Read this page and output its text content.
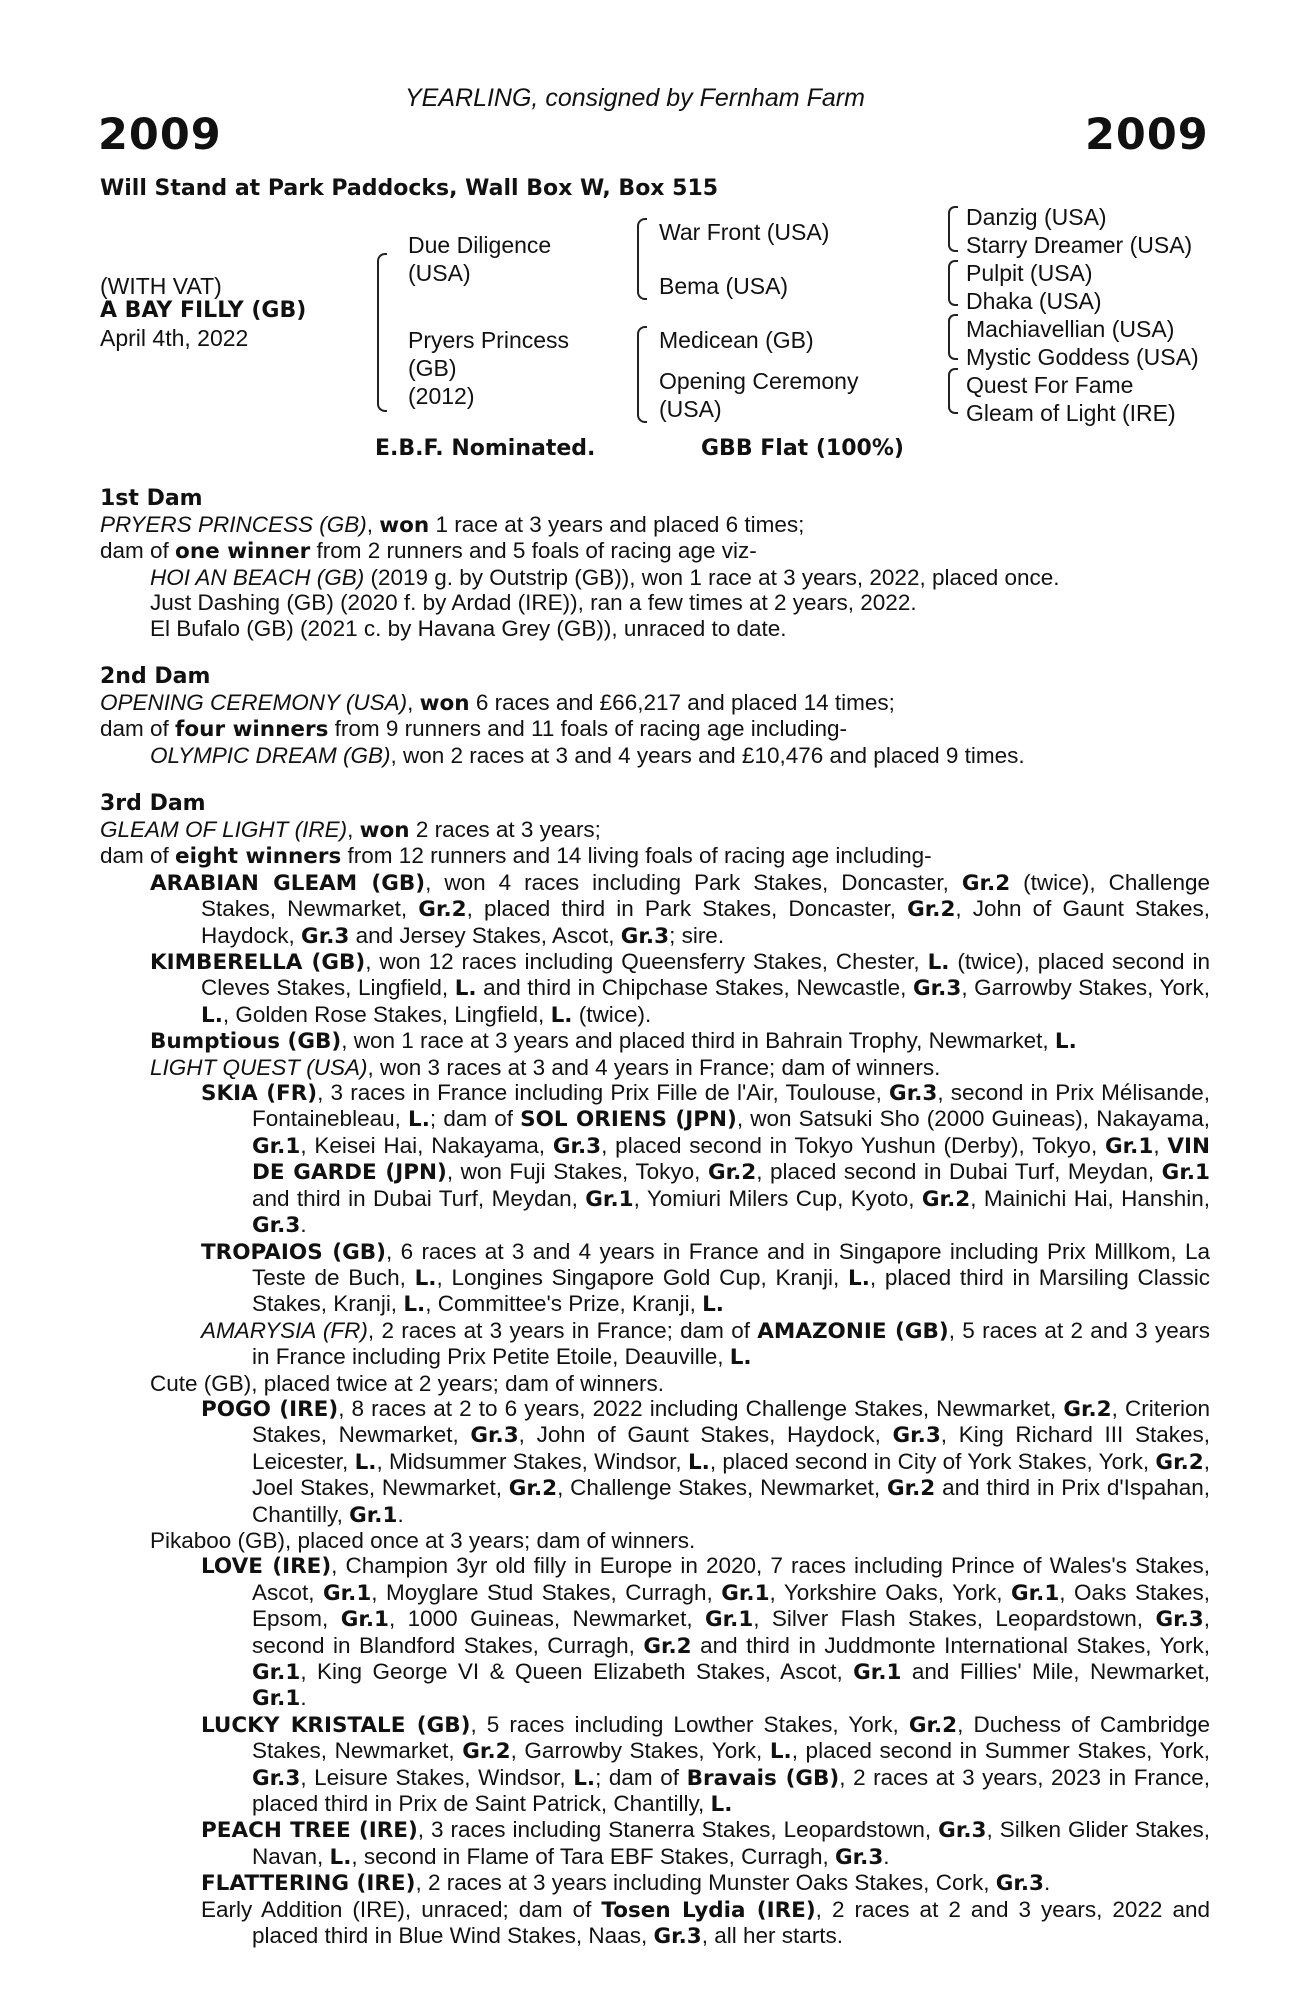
YEARLING, consigned by Fernham Farm
2009	2009
Will Stand at Park Paddocks, Wall Box W, Box 515
(WITH VAT)
A BAY FILLY (GB)
April 4th, 2022
Due Diligence
(USA)
Pryers Princess
(GB)
(2012)
War Front (USA)
Bema (USA)
Medicean (GB)
Opening Ceremony
(USA)
Danzig (USA)
Starry Dreamer (USA)
Pulpit (USA)
Dhaka (USA)
Machiavellian (USA)
Mystic Goddess (USA)
Quest For Fame
Gleam of Light (IRE)
E.B.F. Nominated.	GBB Flat (100%)
1st Dam

PRYERS PRINCESS (GB), won 1 race at 3 years and placed 6 times;

dam of one winner from 2 runners and 5 foals of racing age viz-

HOI AN BEACH (GB) (2019 g. by Outstrip (GB)), won 1 race at 3 years, 2022, placed once.

Just Dashing (GB) (2020 f. by Ardad (IRE)), ran a few times at 2 years, 2022.

El Bufalo (GB) (2021 c. by Havana Grey (GB)), unraced to date.

2nd Dam

OPENING CEREMONY (USA), won 6 races and £66,217 and placed 14 times;

dam of four winners from 9 runners and 11 foals of racing age including-

OLYMPIC DREAM (GB), won 2 races at 3 and 4 years and £10,476 and placed 9 times.

3rd Dam

GLEAM OF LIGHT (IRE), won 2 races at 3 years;

dam of eight winners from 12 runners and 14 living foals of racing age including-

ARABIAN GLEAM (GB), won 4 races including Park Stakes, Doncaster, Gr.2 (twice), Challenge Stakes, Newmarket, Gr.2, placed third in Park Stakes, Doncaster, Gr.2, John of Gaunt Stakes, Haydock, Gr.3 and Jersey Stakes, Ascot, Gr.3; sire.

KIMBERELLA (GB), won 12 races including Queensferry Stakes, Chester, L. (twice), placed second in Cleves Stakes, Lingfield, L. and third in Chipchase Stakes, Newcastle, Gr.3, Garrowby Stakes, York, L., Golden Rose Stakes, Lingfield, L. (twice).

Bumptious (GB), won 1 race at 3 years and placed third in Bahrain Trophy, Newmarket, L.

LIGHT QUEST (USA), won 3 races at 3 and 4 years in France; dam of winners.

SKIA (FR), 3 races in France including Prix Fille de l'Air, Toulouse, Gr.3, second in Prix Mélisande, Fontainebleau, L.; dam of SOL ORIENS (JPN), won Satsuki Sho (2000 Guineas), Nakayama, Gr.1, Keisei Hai, Nakayama, Gr.3, placed second in Tokyo Yushun (Derby), Tokyo, Gr.1, VIN DE GARDE (JPN), won Fuji Stakes, Tokyo, Gr.2, placed second in Dubai Turf, Meydan, Gr.1 and third in Dubai Turf, Meydan, Gr.1, Yomiuri Milers Cup, Kyoto, Gr.2, Mainichi Hai, Hanshin, Gr.3.

TROPAIOS (GB), 6 races at 3 and 4 years in France and in Singapore including Prix Millkom, La Teste de Buch, L., Longines Singapore Gold Cup, Kranji, L., placed third in Marsiling Classic Stakes, Kranji, L., Committee's Prize, Kranji, L.

AMARYSIA (FR), 2 races at 3 years in France; dam of AMAZONIE (GB), 5 races at 2 and 3 years in France including Prix Petite Etoile, Deauville, L.

Cute (GB), placed twice at 2 years; dam of winners.

POGO (IRE), 8 races at 2 to 6 years, 2022 including Challenge Stakes, Newmarket, Gr.2, Criterion Stakes, Newmarket, Gr.3, John of Gaunt Stakes, Haydock, Gr.3, King Richard III Stakes, Leicester, L., Midsummer Stakes, Windsor, L., placed second in City of York Stakes, York, Gr.2, Joel Stakes, Newmarket, Gr.2, Challenge Stakes, Newmarket, Gr.2 and third in Prix d'Ispahan, Chantilly, Gr.1.

Pikaboo (GB), placed once at 3 years; dam of winners.

LOVE (IRE), Champion 3yr old filly in Europe in 2020, 7 races including Prince of Wales's Stakes, Ascot, Gr.1, Moyglare Stud Stakes, Curragh, Gr.1, Yorkshire Oaks, York, Gr.1, Oaks Stakes, Epsom, Gr.1, 1000 Guineas, Newmarket, Gr.1, Silver Flash Stakes, Leopardstown, Gr.3, second in Blandford Stakes, Curragh, Gr.2 and third in Juddmonte International Stakes, York, Gr.1, King George VI & Queen Elizabeth Stakes, Ascot, Gr.1 and Fillies' Mile, Newmarket, Gr.1.

LUCKY KRISTALE (GB), 5 races including Lowther Stakes, York, Gr.2, Duchess of Cambridge Stakes, Newmarket, Gr.2, Garrowby Stakes, York, L., placed second in Summer Stakes, York, Gr.3, Leisure Stakes, Windsor, L.; dam of Bravais (GB), 2 races at 3 years, 2023 in France, placed third in Prix de Saint Patrick, Chantilly, L.

PEACH TREE (IRE), 3 races including Stanerra Stakes, Leopardstown, Gr.3, Silken Glider Stakes, Navan, L., second in Flame of Tara EBF Stakes, Curragh, Gr.3.

FLATTERING (IRE), 2 races at 3 years including Munster Oaks Stakes, Cork, Gr.3.

Early Addition (IRE), unraced; dam of Tosen Lydia (IRE), 2 races at 2 and 3 years, 2022 and placed third in Blue Wind Stakes, Naas, Gr.3, all her starts.
